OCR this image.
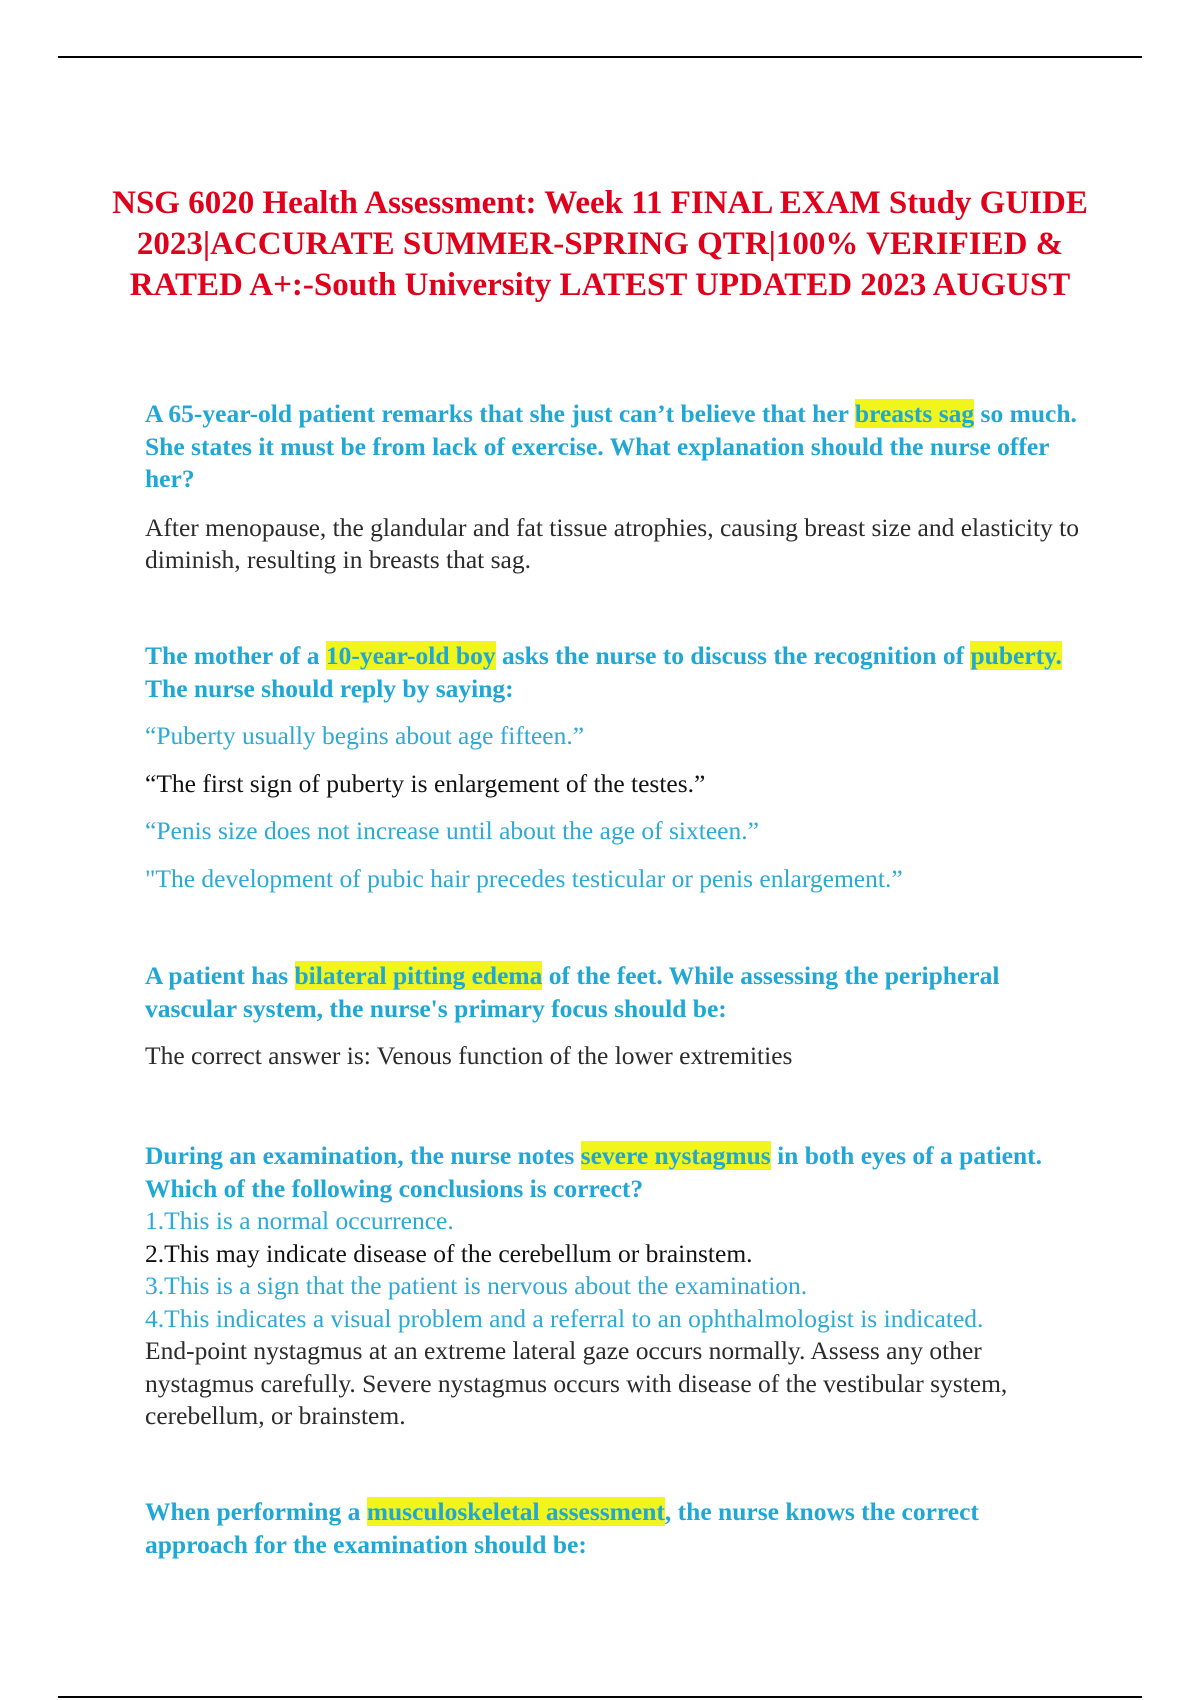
NSG 6020 Health Assessment: Week 11 FINAL EXAM Study GUIDE 2023|ACCURATE SUMMER-SPRING QTR|100% VERIFIED & RATED A+:-South University LATEST UPDATED 2023 AUGUST

A 65-year-old patient remarks that she just can’t believe that her breasts sag so much. She states it must be from lack of exercise. What explanation should the nurse offer her?

After menopause, the glandular and fat tissue atrophies, causing breast size and elasticity to diminish, resulting in breasts that sag.

The mother of a 10-year-old boy asks the nurse to discuss the recognition of puberty. The nurse should reply by saying:

“Puberty usually begins about age fifteen.”

“The first sign of puberty is enlargement of the testes.”

“Penis size does not increase until about the age of sixteen.”

"The development of pubic hair precedes testicular or penis enlargement.”

A patient has bilateral pitting edema of the feet. While assessing the peripheral vascular system, the nurse's primary focus should be:

The correct answer is: Venous function of the lower extremities

During an examination, the nurse notes severe nystagmus in both eyes of a patient. Which of the following conclusions is correct?

1.This is a normal occurrence.

2.This may indicate disease of the cerebellum or brainstem.

3.This is a sign that the patient is nervous about the examination.

4.This indicates a visual problem and a referral to an ophthalmologist is indicated.

End-point nystagmus at an extreme lateral gaze occurs normally. Assess any other nystagmus carefully. Severe nystagmus occurs with disease of the vestibular system, cerebellum, or brainstem.

When performing a musculoskeletal assessment, the nurse knows the correct approach for the examination should be:
